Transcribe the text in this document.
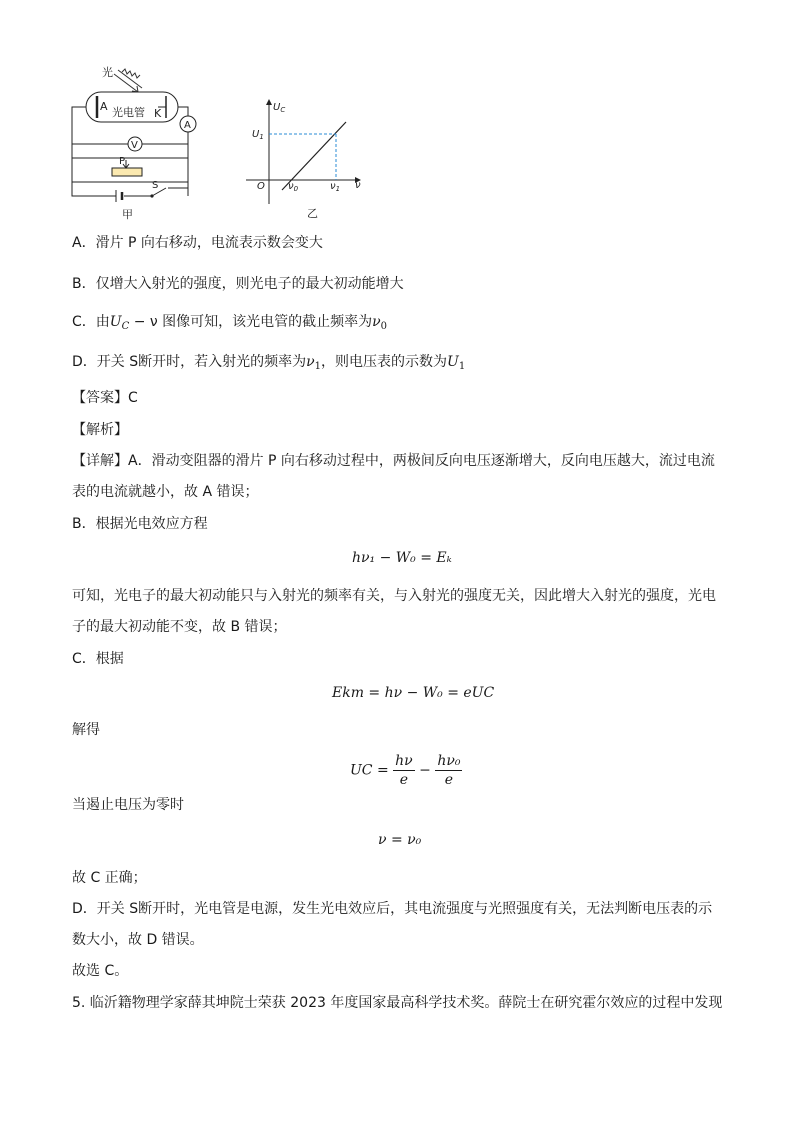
光
A 光电管 K
A
V
P
S
甲
$U_C$
$U_1$
O $\nu_0$	$\nu_1$ ν
乙
A．滑片 P 向右移动，电流表示数会变大
B．仅增大入射光的强度，则光电子的最大初动能增大
C．由$U_C - \nu$ 图像可知，该光电管的截止频率为$\nu_0$
D．开关 S断开时，若入射光的频率为$\nu_1$，则电压表的示数为$U_1$
【答案】C
【解析】
【详解】A．滑动变阻器的滑片 P 向右移动过程中，两极间反向电压逐渐增大，反向电压越大，流过电流
表的电流就越小，故 A 错误；
B．根据光电效应方程
hν₁ − W₀ = Eₖ
可知，光电子的最大初动能只与入射光的频率有关，与入射光的强度无关，因此增大入射光的强度，光电
子的最大初动能不变，故 B 错误；
C．根据
Ekm = hν − W₀ = eUC
解得
UC = $\frac{h\nu}{e} - \frac{\text{hν₀}}{e}$
当遏止电压为零时
ν = ν₀
故 C 正确；
D．开关 S断开时，光电管是电源，发生光电效应后，其电流强度与光照强度有关，无法判断电压表的示
数大小，故 D 错误。
故选 C。
5. 临沂籍物理学家薛其坤院士荣获 2023 年度国家最高科学技术奖。薛院士在研究霍尔效应的过程中发现
